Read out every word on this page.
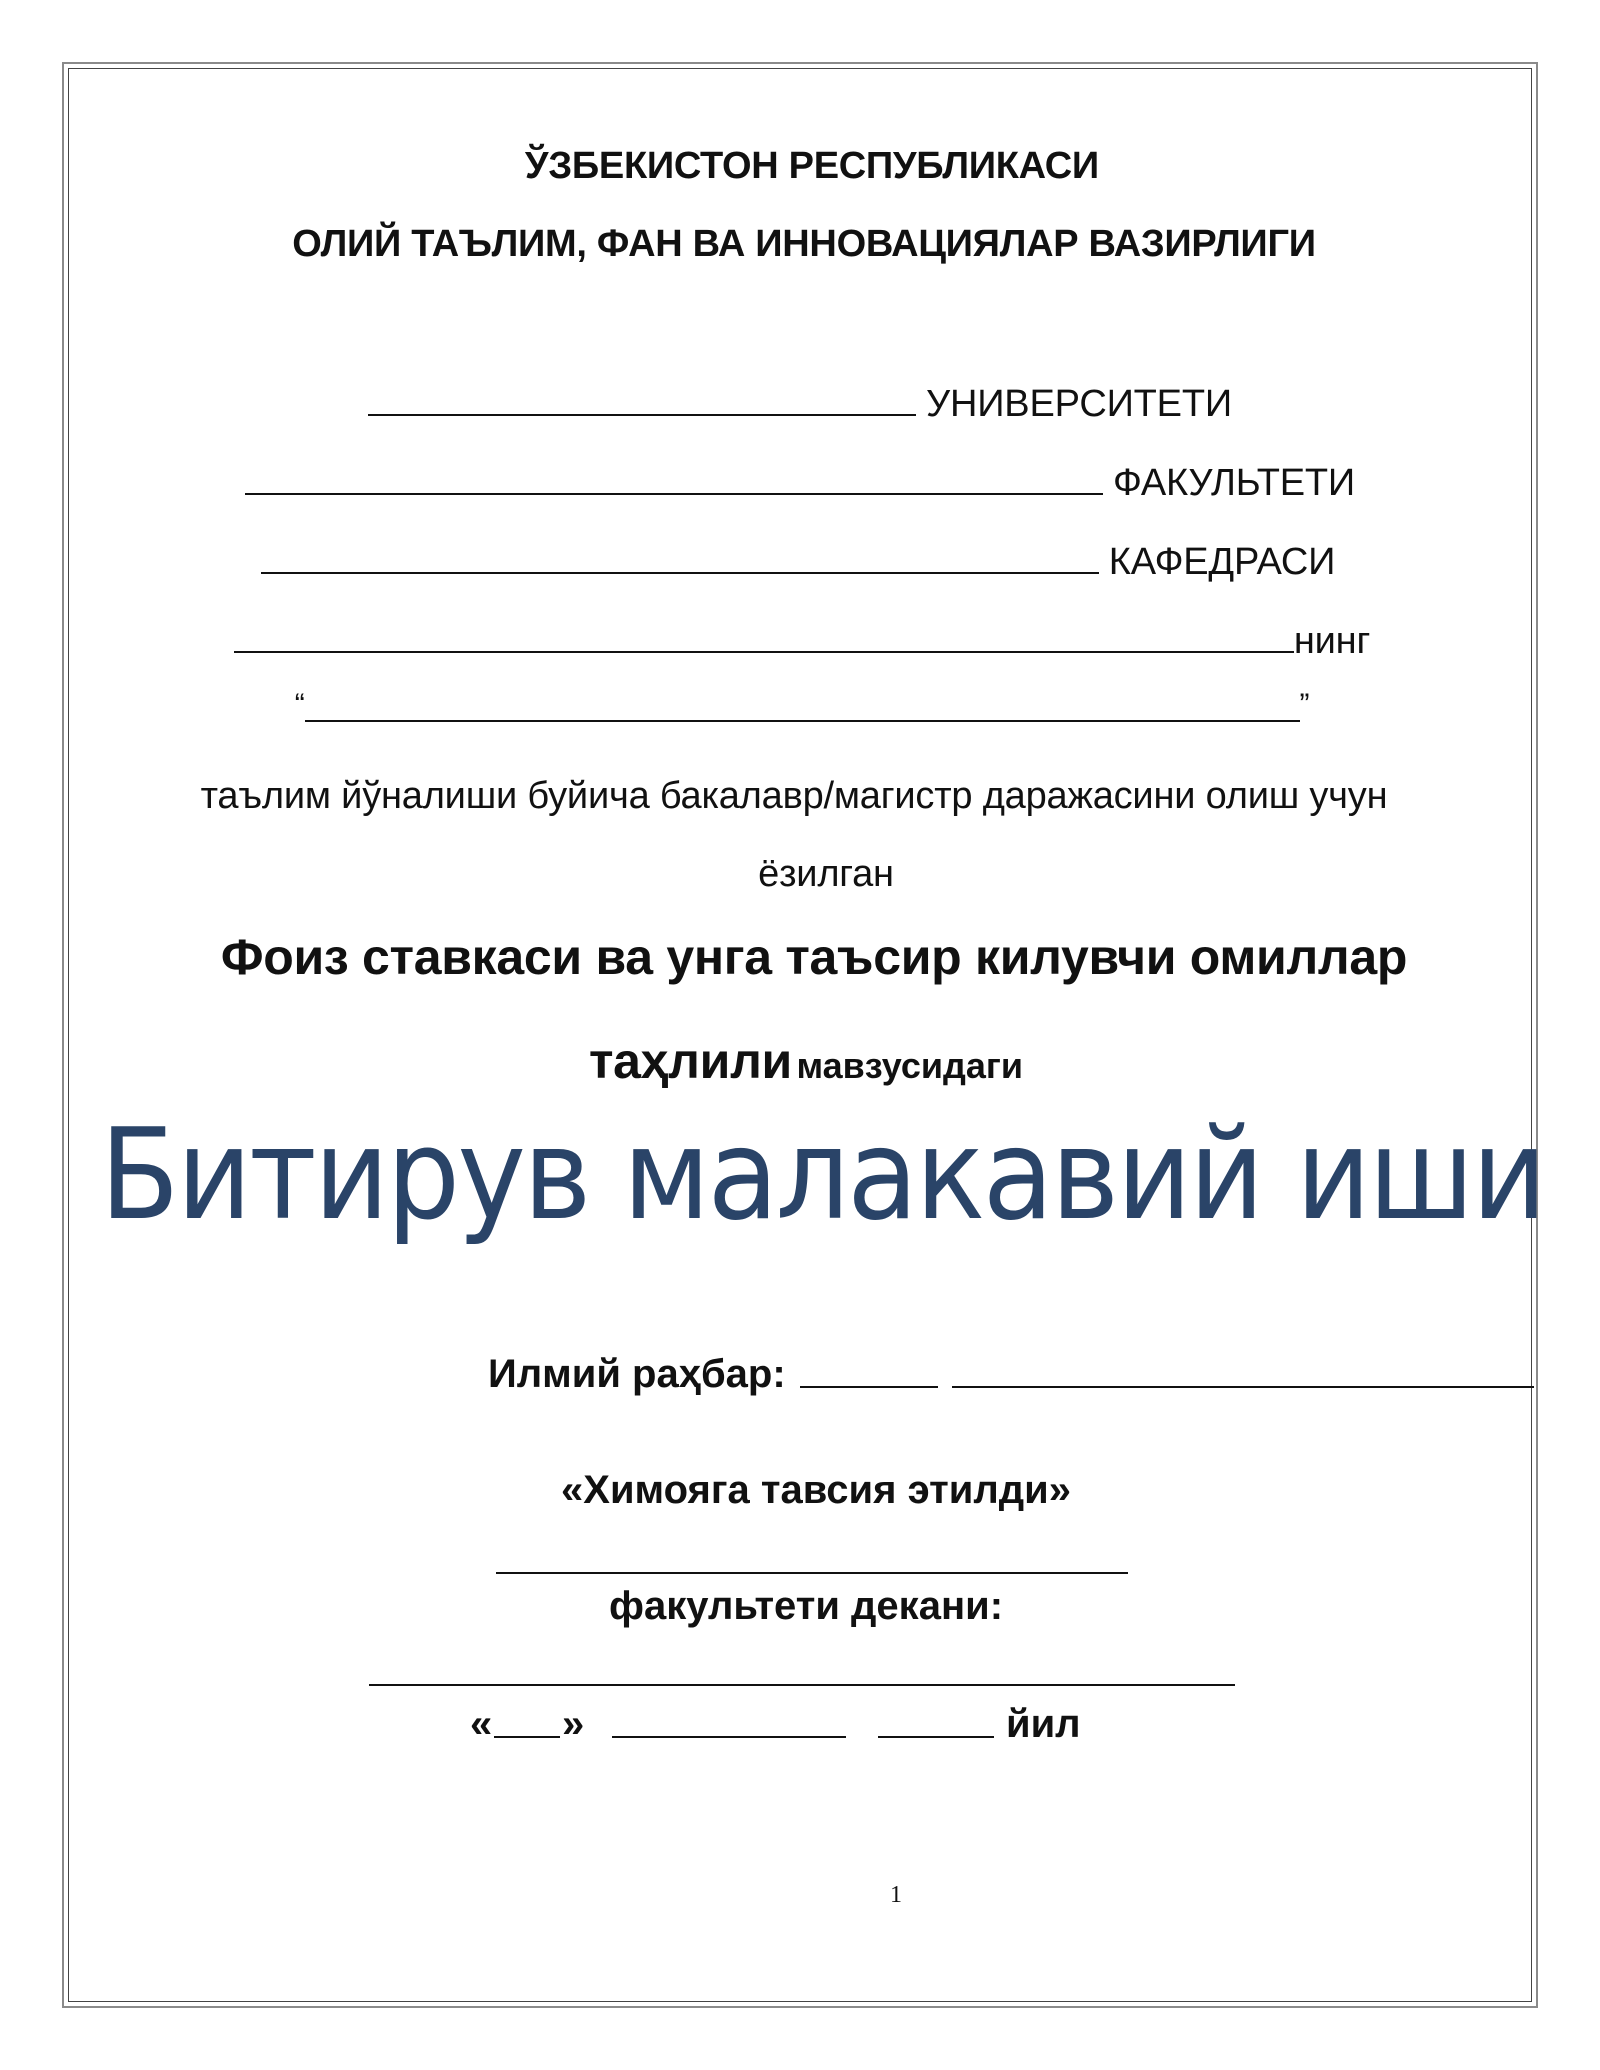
ЎЗБЕКИСТОН РЕСПУБЛИКАСИ
ОЛИЙ ТАЪЛИМ, ФАН ВА ИННОВАЦИЯЛАР ВАЗИРЛИГИ
УНИВЕРСИТЕТИ
ФАКУЛЬТЕТИ
КАФЕДРАСИ
нинг
“	”
таълим йўналиши буйича бакалавр/магистр даражасини олиш учун
ёзилган
Фоиз ставкаси ва унга таъсир килувчи омиллар
таҳлили мавзусидаги
Битирув малакавий иши
Илмий раҳбар:
«Химояга тавсия этилди»
факультети декани:
« »	йил
1
